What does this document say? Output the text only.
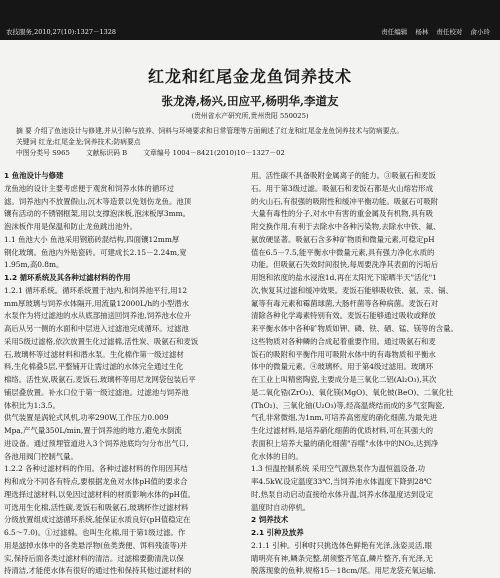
农技服务,2010,27(10):1327－1328	责任编辑 杨林 责任校对 俞小玲
红龙和红尾金龙鱼饲养技术
张龙涛,杨兴,田应平,杨明华,李道友
(贵州省水产研究所,贵州贵阳 550025)
摘 要 介绍了鱼池设计与修建,并从引种与放养、饲料与环境要求和日常管理等方面阐述了红龙和红尾金龙鱼饲养技术与防病要点。
关键词 红龙;红尾金龙;饲养技术;防病要点
中图分类号 S965 文献标识码 B 文章编号 1004－8421(2010)10－1327－02
1 鱼池设计与修建
龙鱼池的设计主要考虑便于观赏和饲养水体的循环过
滤。饲养池内不放置假山,沉木等造景以免划伤龙鱼。池顶
镶有活动的不锈钢框架,用以支撑泡沫板,泡沫板厚3mm。
泡沫板作用是保温和防止龙鱼跳出池外。
1.1 鱼池大小 鱼池采用钢筋砖混结构,四面镶12mm厚
钢化玻璃。鱼池内外贴瓷砖。可建成长2.15－2.24m,宽
1.95m,高0.8m。
1.2 循环系统及其各种过滤材料的作用
1.2.1 循环系统。循环系统置于池内,和饲养池平行,用12
mm厚玻璃与饲养水体隔开,用流量12000L/h的小型潜水
水泵作为将过滤池的水从底部抽送回饲养池,饲养池水位升
高后从另一侧的水面和中层进入过滤池完成循环。过滤池
采用5级过滤格,依次放置生化过滤棉,活性炭、吸氨石和麦饭
石,玻璃杯等过滤材料和潜水泵。生化棉作第一级过滤材
料,生化棉叠5层,平整铺开让需过滤的水体完全通过生化
棉络。活性炭,吸氨石,麦饭石,玻璃杯等用尼龙网袋包装后平
铺层叠放置。补水口位于第一级过滤池。过滤池与饲养池
体积比为1:3.5。
供气装置是涡轮式风机,功率290W,工作压力0.009
Mpa,产气量350L/min,置于饲养池的地方,避免水倒流
进设备。通过预埋管道进入3个饲养池底均匀分布出气口,
各池用阀门控制气量。
1.2.2 各种过滤材料的作用。各种过滤材料的作用因其结
构和成分不同各有特点,要根据龙鱼对水体pH值的要求合
理选择过滤材料,以免因过滤材料的材质影响水体的pH值。
可选用生化棉,活性碳,麦饭石和吸氨石,玻璃杯作过滤材料
分级放置组成过滤循环系统,能保证水质良好(pH值稳定在
6.5～7.0)。①过滤棉。也叫生化棉,用于第1级过滤。作
用是滤掉水体中的各类悬浮物(鱼类粪便、饵料残渣等)并
实,保持后面各类过滤材料的清洁。过滤棉要勤清洗以保
持清洁,才能使水体有很好的通过性和保持其他过滤材料的
用。活性碳不具备吸附金属离子的能力。③吸氨石和麦饭
石。用于第3级过滤。吸氨石和麦饭石都是火山熔岩形成
的火山石,有很强的吸附性和缓冲平衡功能。吸氨石可吸附
大量有毒性的分子,对水中有害的重金属及有机物,具有吸
附交换作用,有利于去除水中各种污染物,去除水中铁、氟、
氨放硬显著。吸氨石含多种矿物质和微量元素,可稳定pH
值在6.5－7.5,能平衡水中微量元素,具有强力净化水质的
功能。但吸氨石失效时间很快,每周要洗净其表面的污垢后
用饱和浓度的盐水浸泡1d,再在太阳光下晾晒半天"活化"1
次,恢复其过滤和缓冲效果。麦饭石能够吸收铁、氨、汞、镉、
氟等有毒元素和霉菌球菌,大肠杆菌等各种病菌。麦饭石对
清除各种化学毒素特别有效。麦饭石能够通过吸收或释放
来平衡水体中各种矿物质如钾、磷、铁、硒、锰、镁等的含量。
这些物质对各种鳞的合成起着重要作用。通过吸氨石和麦
饭石的吸附和平衡作用可吸附水体中的有毒物质和平衡水
体中的微量元素。④玻璃杯。用于第4级过滤用。玻璃环
在工业上叫精密陶瓷,主要成分是三氧化二铝(Al₂O₃),其次
是二氧化锆(ZrO₂)、氧化镁(MgO)、氧化铍(BeO)、二氧化钍
(ThO₂)、三氧化铀(U₂O₃)等,经高温烧结而成的多气室陶瓷,
气孔非常微细,为1nm,可培养高密度的硝化细菌,为最先进
生化过滤材料,是培养硝化细菌的优质材料,可在其强大的
表面积上培养大量的硝化细菌"吞噬"水体中的NO₂,达到净
化水体的目的。
1.3 恒温控制系统 采用空气源热泵作为温恒温设备,功
率4.5kW,设定温度33℃,当饲养池水体温度下降到28℃
时,热泵自动启动直接给水体升温,饲养水体温度达到设定
温度时自动停机。
2 饲养技术
2.1 引种及放养
2.1.1 引种。引种时只挑选体色鲜艳有光泽,泳姿灵活,眼
睛明亮有神,鳞条完整,胡须整齐笔直,鳞片整齐,有光泽,无
脱落现象的鱼种,规格15－18cm/尾。用尼龙袋充氧运输,
